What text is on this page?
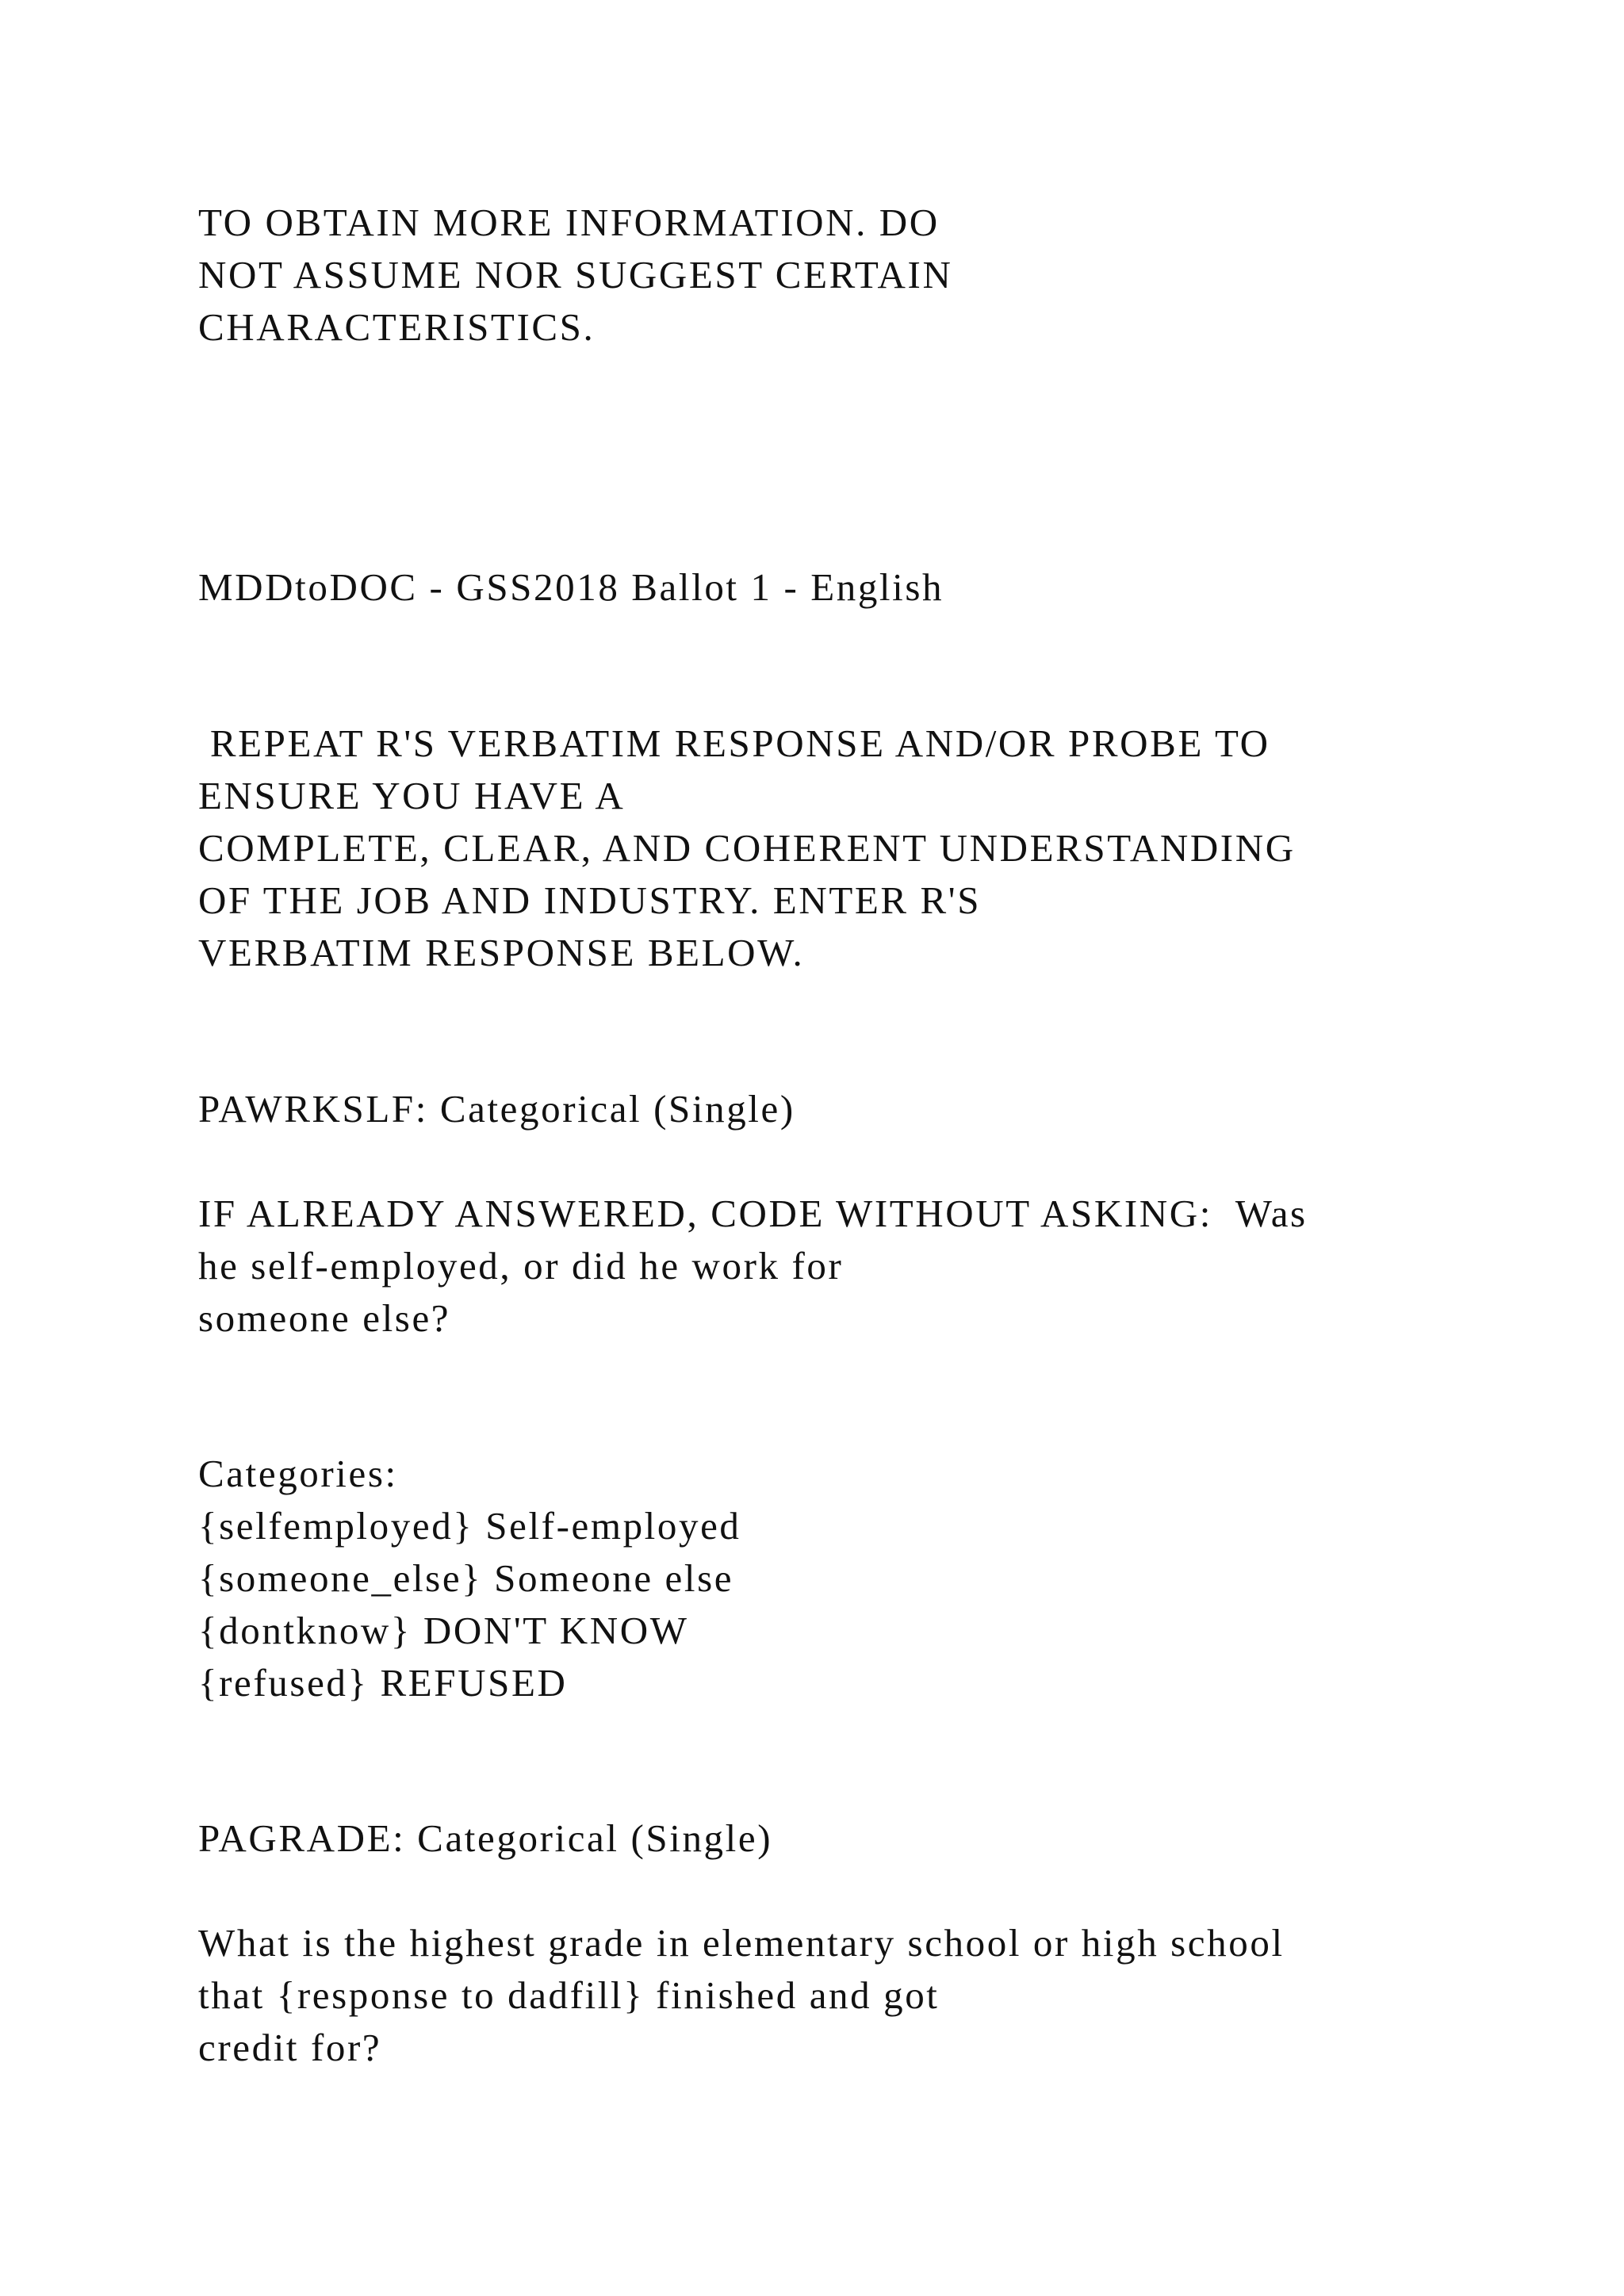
TO OBTAIN MORE INFORMATION. DO

NOT ASSUME NOR SUGGEST CERTAIN

CHARACTERISTICS.

MDDtoDOC - GSS2018 Ballot 1 - English

REPEAT R'S VERBATIM RESPONSE AND/OR PROBE TO

ENSURE YOU HAVE A

COMPLETE, CLEAR, AND COHERENT UNDERSTANDING

OF THE JOB AND INDUSTRY. ENTER R'S

VERBATIM RESPONSE BELOW.

PAWRKSLF: Categorical (Single)

IF ALREADY ANSWERED, CODE WITHOUT ASKING:  Was

he self-employed, or did he work for

someone else?

Categories:

{selfemployed} Self-employed

{someone_else} Someone else

{dontknow} DON'T KNOW

{refused} REFUSED

PAGRADE: Categorical (Single)

What is the highest grade in elementary school or high school

that {response to dadfill} finished and got

credit for?
